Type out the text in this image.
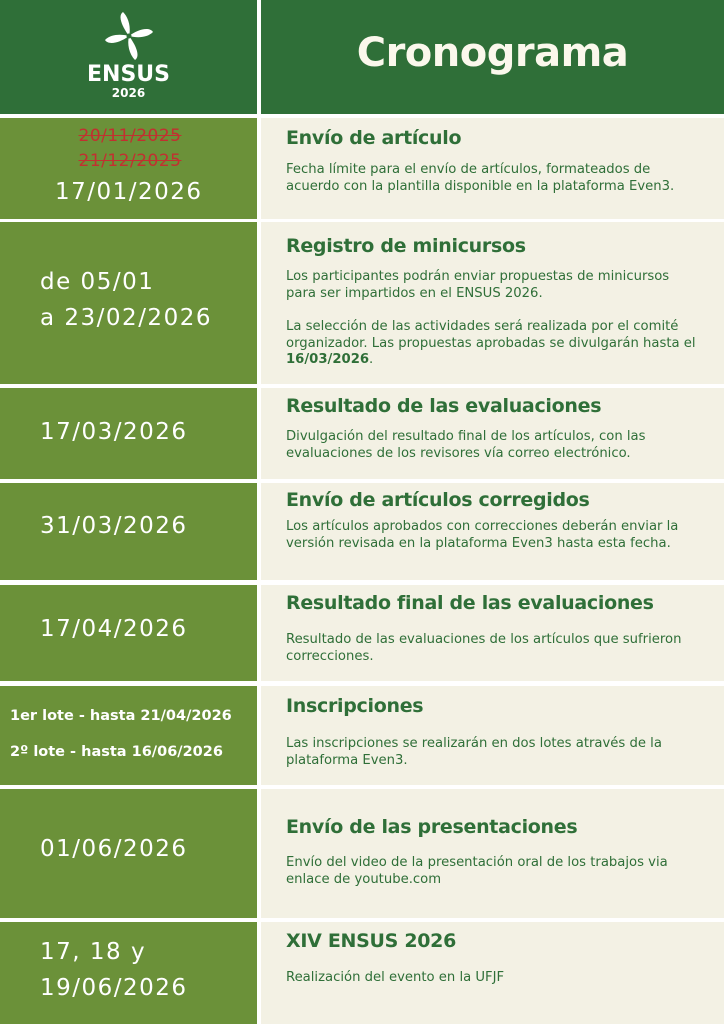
ENSUS
2026
Cronograma
20/11/2025
21/12/2025
17/01/2026
Envío de artículo
Fecha límite para el envío de artículos, formateados de acuerdo con la plantilla disponible en la plataforma Even3.
de 05/01
a 23/02/2026
Registro de minicursos
Los participantes podrán enviar propuestas de minicursos para ser impartidos en el ENSUS 2026.
La selección de las actividades será realizada por el comité organizador. Las propuestas aprobadas se divulgarán hasta el 16/03/2026.
17/03/2026
Resultado de las evaluaciones
Divulgación del resultado final de los artículos, con las evaluaciones de los revisores vía correo electrónico.
31/03/2026
Envío de artículos corregidos
Los artículos aprobados con correcciones deberán enviar la versión revisada en la plataforma Even3 hasta esta fecha.
17/04/2026
Resultado final de las evaluaciones
Resultado de las evaluaciones de los artículos que sufrieron correcciones.
1er lote - hasta 21/04/2026
2º lote - hasta 16/06/2026
Inscripciones
Las inscripciones se realizarán en dos lotes através de la plataforma Even3.
01/06/2026
Envío de las presentaciones
Envío del video de la presentación oral de los trabajos via enlace de youtube.com
17, 18 y
19/06/2026
XIV ENSUS 2026
Realización del evento en la UFJF
